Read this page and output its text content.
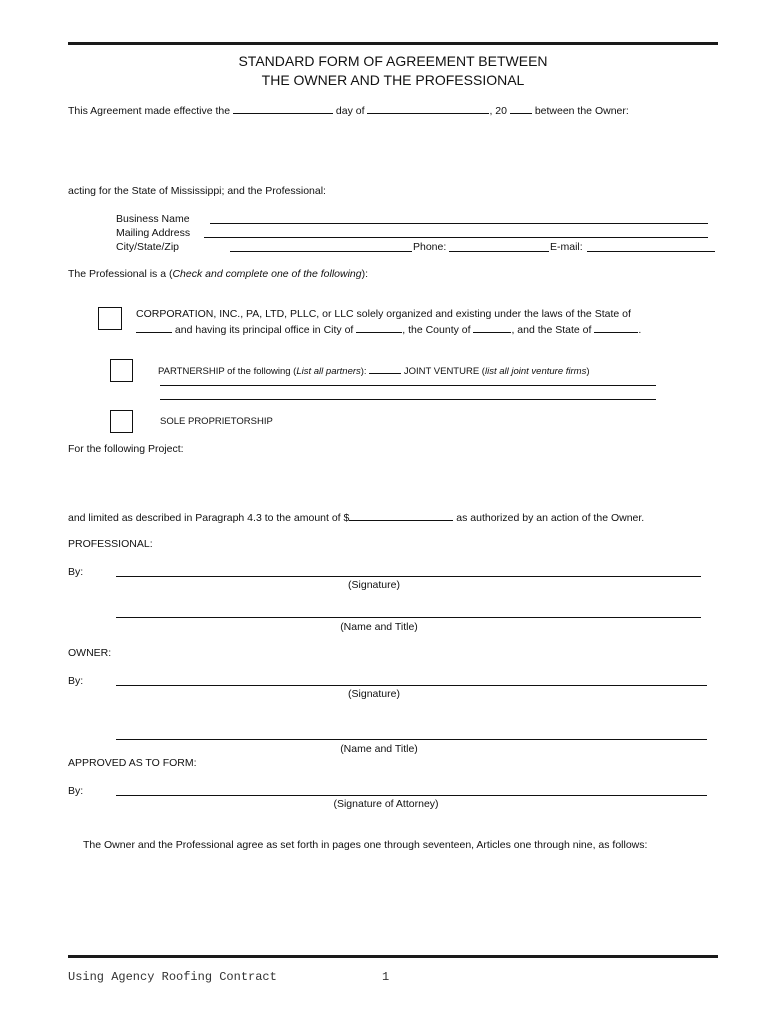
STANDARD FORM OF AGREEMENT BETWEEN
THE OWNER AND THE PROFESSIONAL
This Agreement made effective the	day of	, 20	between the Owner:
acting for the State of Mississippi; and the Professional:
Business Name
Mailing Address
City/State/Zip	Phone:	E-mail:
The Professional is a (Check and complete one of the following):
CORPORATION, INC., PA, LTD, PLLC, or LLC solely organized and existing under the laws of the State of
and having its principal office in City of	, the County of	, and the State of	.
PARTNERSHIP of the following (List all partners):	JOINT VENTURE (list all joint venture firms)
SOLE PROPRIETORSHIP
For the following Project:
and limited as described in Paragraph 4.3 to the amount of $	as authorized by an action of the Owner.
PROFESSIONAL:
By:
(Signature)
(Name and Title)
OWNER:
By:
(Signature)
(Name and Title)
APPROVED AS TO FORM:
By:
(Signature of Attorney)
The Owner and the Professional agree as set forth in pages one through seventeen, Articles one through nine, as follows:
Using Agency Roofing Contract	1
